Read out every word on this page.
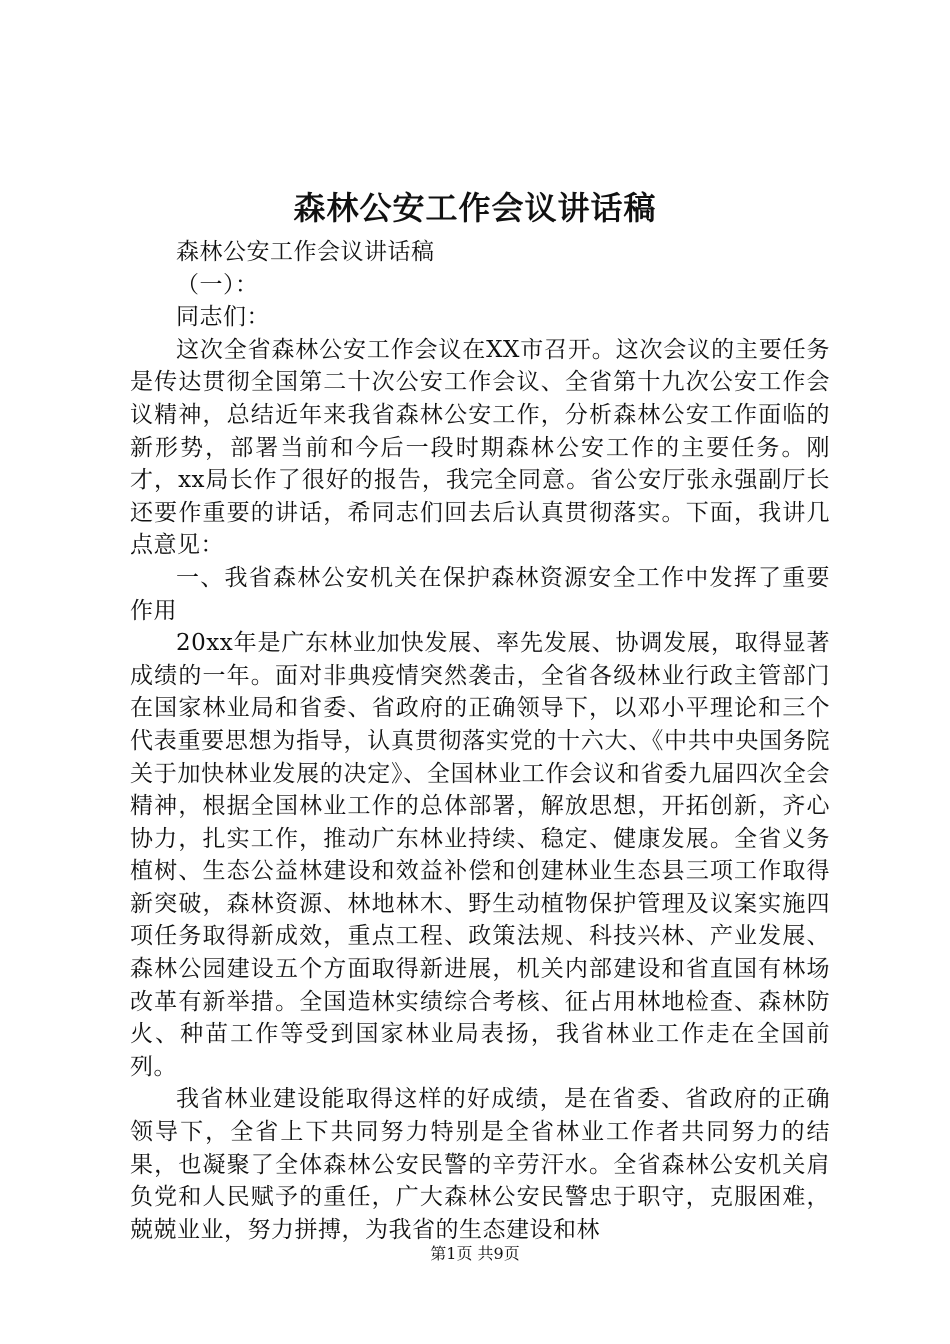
森林公安工作会议讲话稿

森林公安工作会议讲话稿

（一）：

同志们：

这次全省森林公安工作会议在XX市召开。这次会议的主要任务是传达贯彻全国第二十次公安工作会议、全省第十九次公安工作会议精神，总结近年来我省森林公安工作，分析森林公安工作面临的新形势，部署当前和今后一段时期森林公安工作的主要任务。刚才，xx局长作了很好的报告，我完全同意。省公安厅张永强副厅长还要作重要的讲话，希同志们回去后认真贯彻落实。下面，我讲几点意见：

一、我省森林公安机关在保护森林资源安全工作中发挥了重要作用

20xx年是广东林业加快发展、率先发展、协调发展，取得显著成绩的一年。面对非典疫情突然袭击，全省各级林业行政主管部门在国家林业局和省委、省政府的正确领导下，以邓小平理论和三个代表重要思想为指导，认真贯彻落实党的十六大、《中共中央国务院关于加快林业发展的决定》、全国林业工作会议和省委九届四次全会精神，根据全国林业工作的总体部署，解放思想，开拓创新，齐心协力，扎实工作，推动广东林业持续、稳定、健康发展。全省义务植树、生态公益林建设和效益补偿和创建林业生态县三项工作取得新突破，森林资源、林地林木、野生动植物保护管理及议案实施四项任务取得新成效，重点工程、政策法规、科技兴林、产业发展、森林公园建设五个方面取得新进展，机关内部建设和省直国有林场改革有新举措。全国造林实绩综合考核、征占用林地检查、森林防火、种苗工作等受到国家林业局表扬，我省林业工作走在全国前列。

我省林业建设能取得这样的好成绩，是在省委、省政府的正确领导下，全省上下共同努力特别是全省林业工作者共同努力的结果，也凝聚了全体森林公安民警的辛劳汗水。全省森林公安机关肩负党和人民赋予的重任，广大森林公安民警忠于职守，克服困难，兢兢业业，努力拼搏，为我省的生态建设和林

第1页 共9页
